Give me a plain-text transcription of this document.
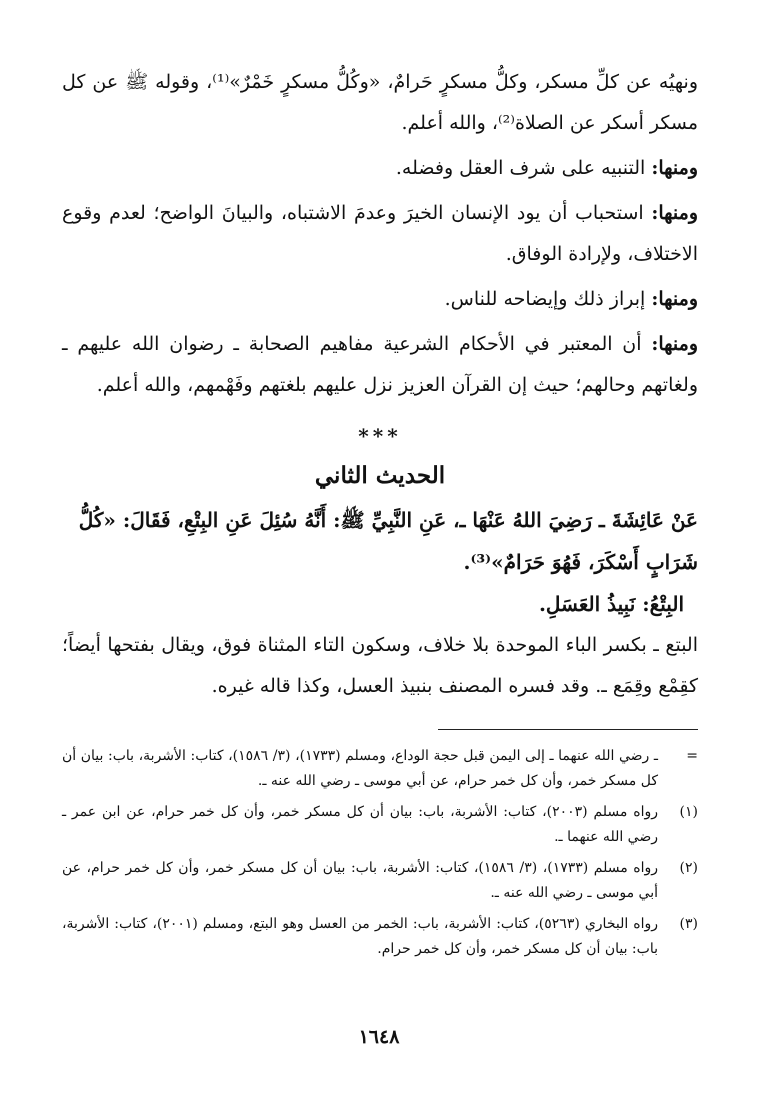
ونهيُه عن كلِّ مسكر، وكلُّ مسكرٍ حَرامٌ، «وكُلُّ مسكرٍ خَمْرٌ»⁽¹⁾، وقوله ﷺ عن كل مسكر أسكر عن الصلاة⁽²⁾، والله أعلم.

ومنها: التنبيه على شرف العقل وفضله.

ومنها: استحباب أن يود الإنسان الخيرَ وعدمَ الاشتباه، والبيانَ الواضح؛ لعدم وقوع الاختلاف، ولإرادة الوفاق.

ومنها: إبراز ذلك وإيضاحه للناس.

ومنها: أن المعتبر في الأحكام الشرعية مفاهيم الصحابة ـ رضوان الله عليهم ـ ولغاتهم وحالهم؛ حيث إن القرآن العزيز نزل عليهم بلغتهم وفَهْمهم، والله أعلم.

***
الحديث الثاني

عَنْ عَائِشَةَ ـ رَضِيَ اللهُ عَنْهَا ـ، عَنِ النَّبِيِّ ﷺ: أَنَّهُ سُئِلَ عَنِ البِتْعِ، فَقَالَ: «كُلُّ شَرَابٍ أَسْكَرَ، فَهُوَ حَرَامٌ»⁽³⁾.

البِتْعُ: نَبِيذُ العَسَلِ.

البتع ـ بكسر الباء الموحدة بلا خلاف، وسكون التاء المثناة فوق، ويقال بفتحها أيضاً؛ كقِمْع وقِمَع ـ. وقد فسره المصنف بنبيذ العسل، وكذا قاله غيره.

=
ـ رضي الله عنهما ـ إلى اليمن قبل حجة الوداع، ومسلم (١٧٣٣)، (٣/ ١٥٨٦)، كتاب: الأشربة، باب: بيان أن كل مسكر خمر، وأن كل خمر حرام، عن أبي موسى ـ رضي الله عنه ـ.
(١)
رواه مسلم (٢٠٠٣)، كتاب: الأشربة، باب: بيان أن كل مسكر خمر، وأن كل خمر حرام، عن ابن عمر ـ رضي الله عنهما ـ.
(٢)
رواه مسلم (١٧٣٣)، (٣/ ١٥٨٦)، كتاب: الأشربة، باب: بيان أن كل مسكر خمر، وأن كل خمر حرام، عن أبي موسى ـ رضي الله عنه ـ.
(٣)
رواه البخاري (٥٢٦٣)، كتاب: الأشربة، باب: الخمر من العسل وهو البتع، ومسلم (٢٠٠١)، كتاب: الأشربة، باب: بيان أن كل مسكر خمر، وأن كل خمر حرام.
١٦٤٨
